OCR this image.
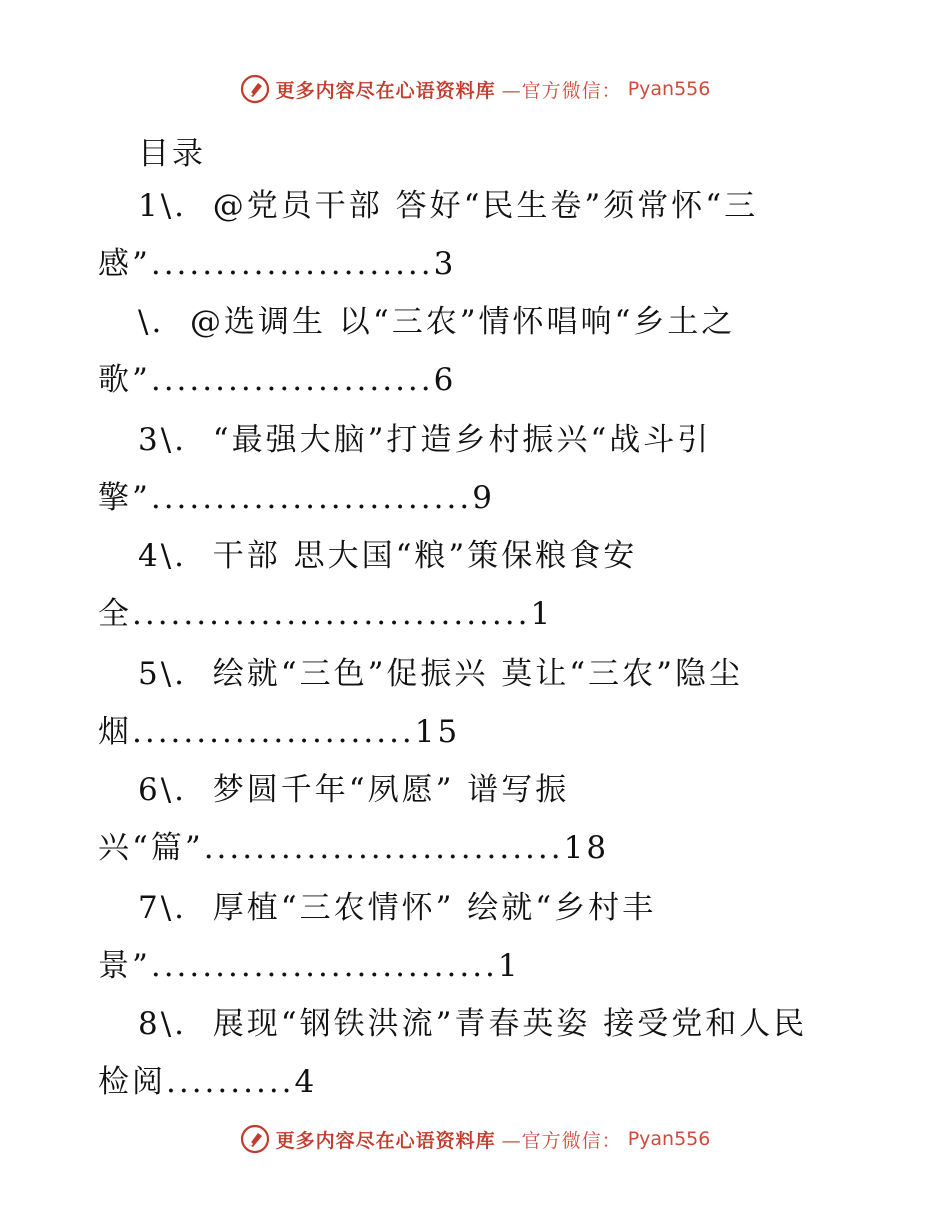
更多内容尽在心语资料库 —官方微信： Pyan556
目录
1\.  @党员干部 答好“民生卷”须常怀“三
感”......................3
\.  @选调生 以“三农”情怀唱响“乡土之
歌”......................6
3\.  “最强大脑”打造乡村振兴“战斗引
擎”.........................9
4\.  干部 思大国“粮”策保粮食安
全...............................1
5\.  绘就“三色”促振兴 莫让“三农”隐尘
烟......................15
6\.  梦圆千年“夙愿” 谱写振
兴“篇”............................18
7\.  厚植“三农情怀” 绘就“乡村丰
景”...........................1
8\.  展现“钢铁洪流”青春英姿 接受党和人民
检阅..........4
更多内容尽在心语资料库 —官方微信： Pyan556
